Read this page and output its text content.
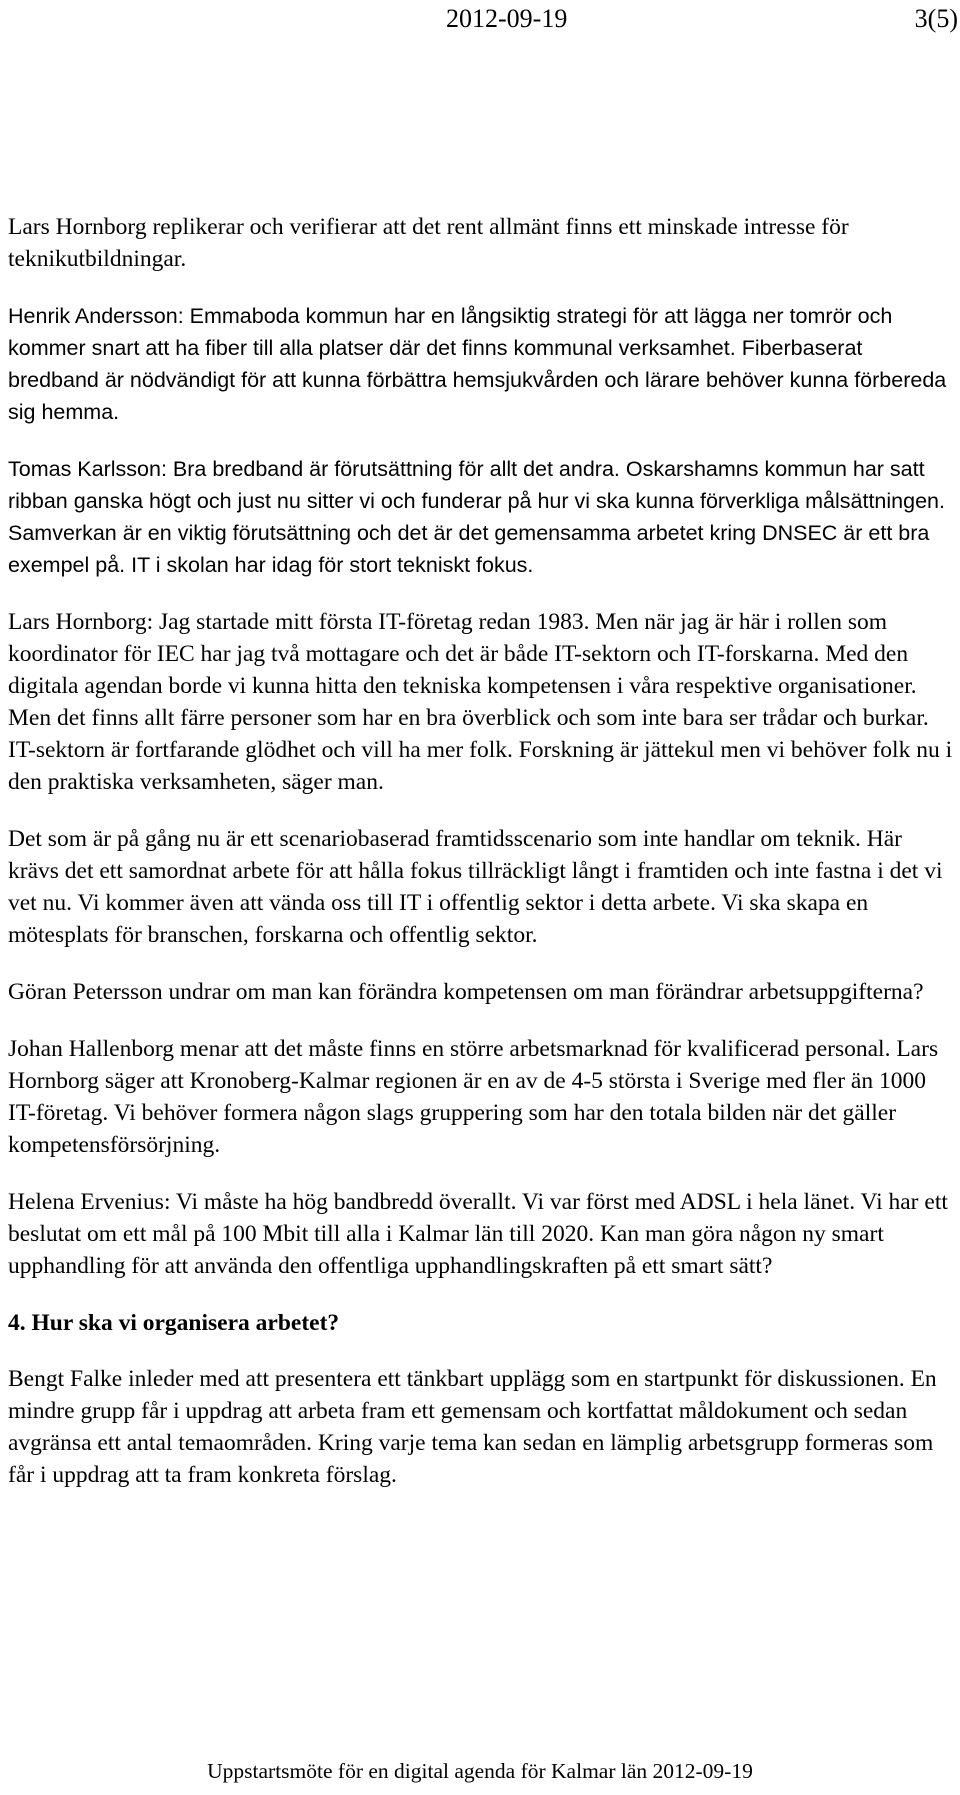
2012-09-19	3(5)

Lars Hornborg replikerar och verifierar att det rent allmänt finns ett minskade intresse för teknikutbildningar.

Henrik Andersson: Emmaboda kommun har en långsiktig strategi för att lägga ner tomrör och kommer snart att ha fiber till alla platser där det finns kommunal verksamhet. Fiberbaserat bredband är nödvändigt för att kunna förbättra hemsjukvården och lärare behöver kunna förbereda sig hemma.

Tomas Karlsson: Bra bredband är förutsättning för allt det andra. Oskarshamns kommun har satt ribban ganska högt och just nu sitter vi och funderar på hur vi ska kunna förverkliga målsättningen. Samverkan är en viktig förutsättning och det är det gemensamma arbetet kring DNSEC är ett bra exempel på. IT i skolan har idag för stort tekniskt fokus.

Lars Hornborg: Jag startade mitt första IT-företag redan 1983. Men när jag är här i rollen som koordinator för IEC har jag två mottagare och det är både IT-sektorn och IT-forskarna. Med den digitala agendan borde vi kunna hitta den tekniska kompetensen i våra respektive organisationer. Men det finns allt färre personer som har en bra överblick och som inte bara ser trådar och burkar. IT-sektorn är fortfarande glödhet och vill ha mer folk. Forskning är jättekul men vi behöver folk nu i den praktiska verksamheten, säger man.

Det som är på gång nu är ett scenariobaserad framtidsscenario som inte handlar om teknik. Här krävs det ett samordnat arbete för att hålla fokus tillräckligt långt i framtiden och inte fastna i det vi vet nu. Vi kommer även att vända oss till IT i offentlig sektor i detta arbete. Vi ska skapa en mötesplats för branschen, forskarna och offentlig sektor.

Göran Petersson undrar om man kan förändra kompetensen om man förändrar arbetsuppgifterna?

Johan Hallenborg menar att det måste finns en större arbetsmarknad för kvalificerad personal. Lars Hornborg säger att Kronoberg-Kalmar regionen är en av de 4-5 största i Sverige med fler än 1000 IT-företag. Vi behöver formera någon slags gruppering som har den totala bilden när det gäller kompetensförsörjning.

Helena Ervenius: Vi måste ha hög bandbredd överallt. Vi var först med ADSL i hela länet. Vi har ett beslutat om ett mål på 100 Mbit till alla i Kalmar län till 2020. Kan man göra någon ny smart upphandling för att använda den offentliga upphandlingskraften på ett smart sätt?

4. Hur ska vi organisera arbetet?

Bengt Falke inleder med att presentera ett tänkbart upplägg som en startpunkt för diskussionen. En mindre grupp får i uppdrag att arbeta fram ett gemensam och kortfattat måldokument och sedan avgränsa ett antal temaområden. Kring varje tema kan sedan en lämplig arbetsgrupp formeras som får i uppdrag att ta fram konkreta förslag.

Uppstartsmöte för en digital agenda för Kalmar län 2012-09-19
